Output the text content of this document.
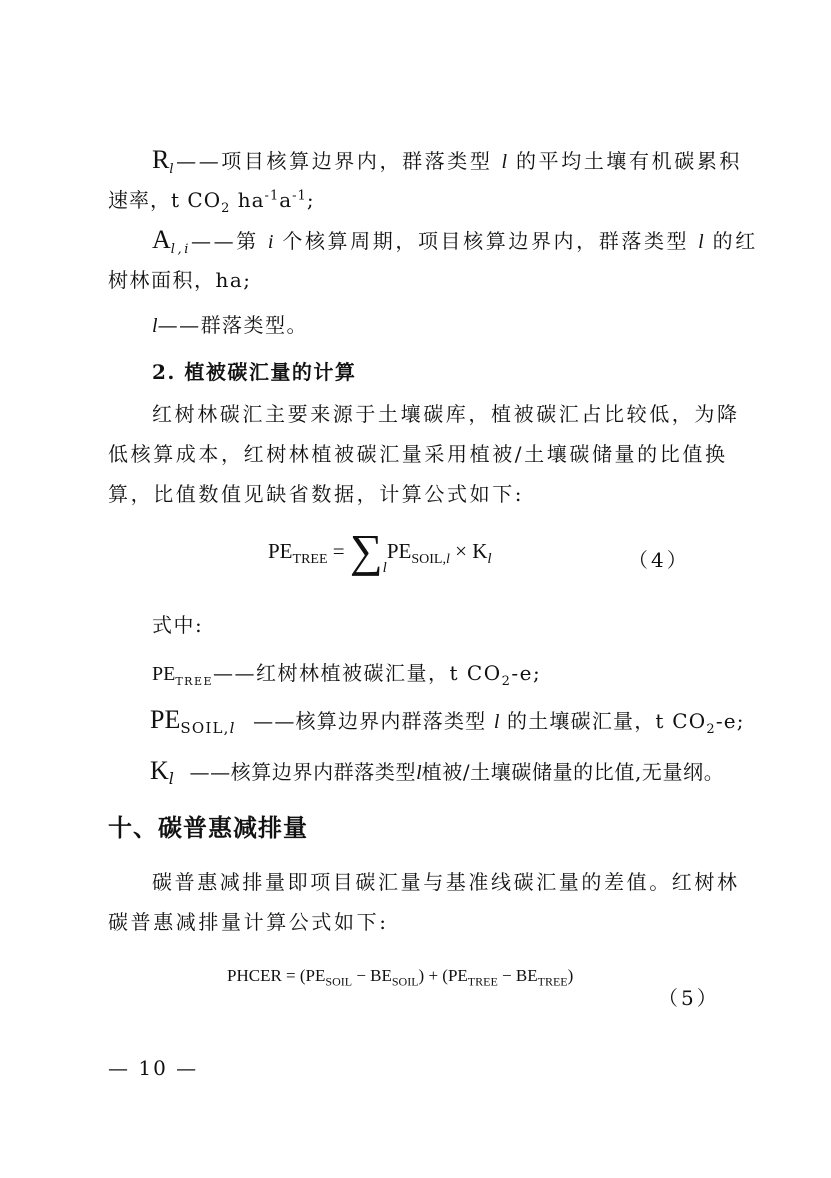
$R_l——$项目核算边界内，群落类型 l 的平均土壤有机碳累积
速率，t $CO_2$ $ha^{-1}a^{-1}$;
$A_{l,i}——$第 i 个核算周期，项目核算边界内，群落类型 l 的红
树林面积，ha;
l——群落类型。
2. 植被碳汇量的计算
红树林碳汇主要来源于土壤碳库，植被碳汇占比较低，为降
低核算成本，红树林植被碳汇量采用植被/土壤碳储量的比值换
算，比值数值见缺省数据，计算公式如下:
$PE_{TREE} = \sum_lPE_{SOIL,l} \times K_l$	（4）
式中:
$PE_{TREE}——$红树林植被碳汇量，t $CO_2-e$;
$PE_{SOIL,l}$ ——核算边界内群落类型 l 的土壤碳汇量，t $CO_2-e$;
$K_l$ ——核算边界内群落类型l植被/土壤碳储量的比值,无量纲。
十、碳普惠减排量
碳普惠减排量即项目碳汇量与基准线碳汇量的差值。红树林
碳普惠减排量计算公式如下:
PHCER = $(PE_{SOIL} - BE_{SOIL}) + (PE_{TREE} - BE_{TREE})$
（5）
— 10 —
